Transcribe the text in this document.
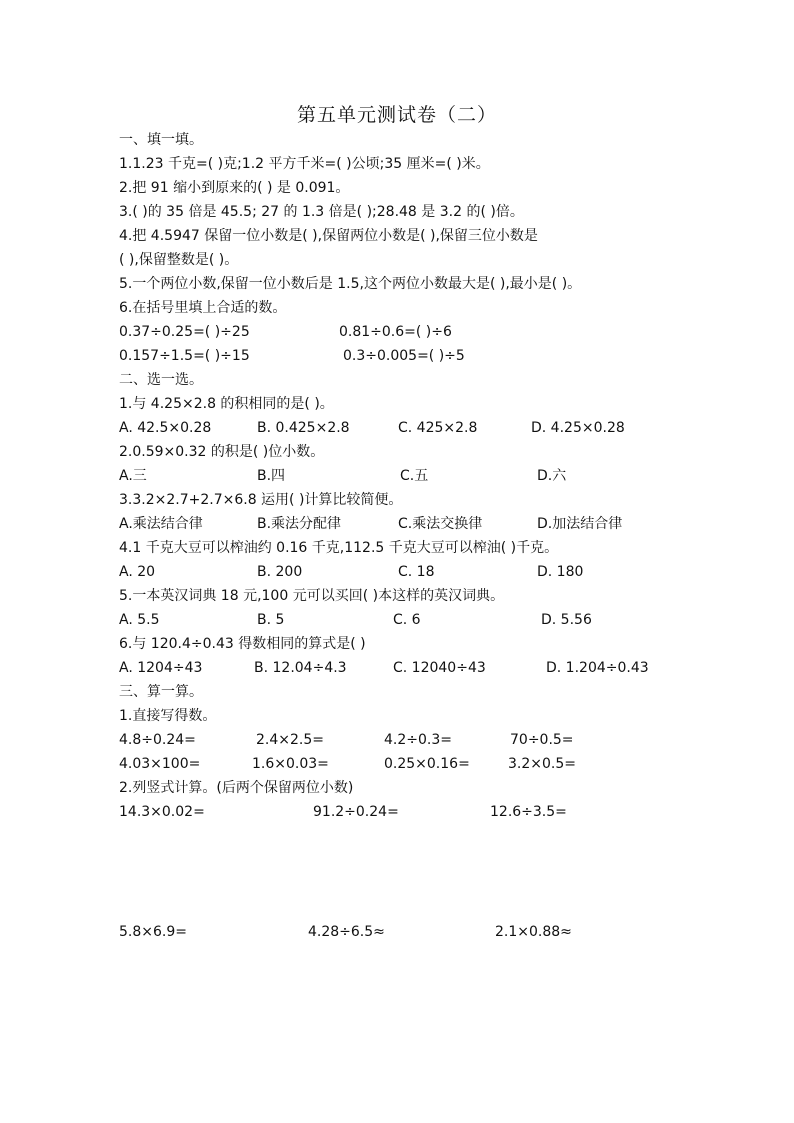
第五单元测试卷（二）
一、填一填。
1.1.23 千克=( )克;1.2 平方千米=( )公顷;35 厘米=( )米。
2.把 91 缩小到原来的( ) 是 0.091。
3.( )的 35 倍是 45.5; 27 的 1.3 倍是( );28.48 是 3.2 的( )倍。
4.把 4.5947 保留一位小数是( ),保留两位小数是( ),保留三位小数是
( ),保留整数是( )。
5.一个两位小数,保留一位小数后是 1.5,这个两位小数最大是( ),最小是( )。
6.在括号里填上合适的数。
0.37÷0.25=( )÷25	0.81÷0.6=( )÷6
0.157÷1.5=( )÷15	0.3÷0.005=( )÷5
二、选一选。
1.与 4.25×2.8 的积相同的是( )。
A. 42.5×0.28	B. 0.425×2.8	C. 425×2.8	D. 4.25×0.28
2.0.59×0.32 的积是( )位小数。
A.三	B.四	C.五	D.六
3.3.2×2.7+2.7×6.8 运用( )计算比较简便。
A.乘法结合律	B.乘法分配律	C.乘法交换律	D.加法结合律
4.1 千克大豆可以榨油约 0.16 千克,112.5 千克大豆可以榨油( )千克。
A. 20	B. 200	C. 18	D. 180
5.一本英汉词典 18 元,100 元可以买回( )本这样的英汉词典。
A. 5.5	B. 5	C. 6	D. 5.56
6.与 120.4÷0.43 得数相同的算式是( )
A. 1204÷43	B. 12.04÷4.3	C. 12040÷43	D. 1.204÷0.43
三、算一算。
1.直接写得数。
4.8÷0.24=	2.4×2.5=	4.2÷0.3=	70÷0.5=
4.03×100=	1.6×0.03=	0.25×0.16=	3.2×0.5=
2.列竖式计算。(后两个保留两位小数)
14.3×0.02=	91.2÷0.24=	12.6÷3.5=
5.8×6.9=	4.28÷6.5≈	2.1×0.88≈
